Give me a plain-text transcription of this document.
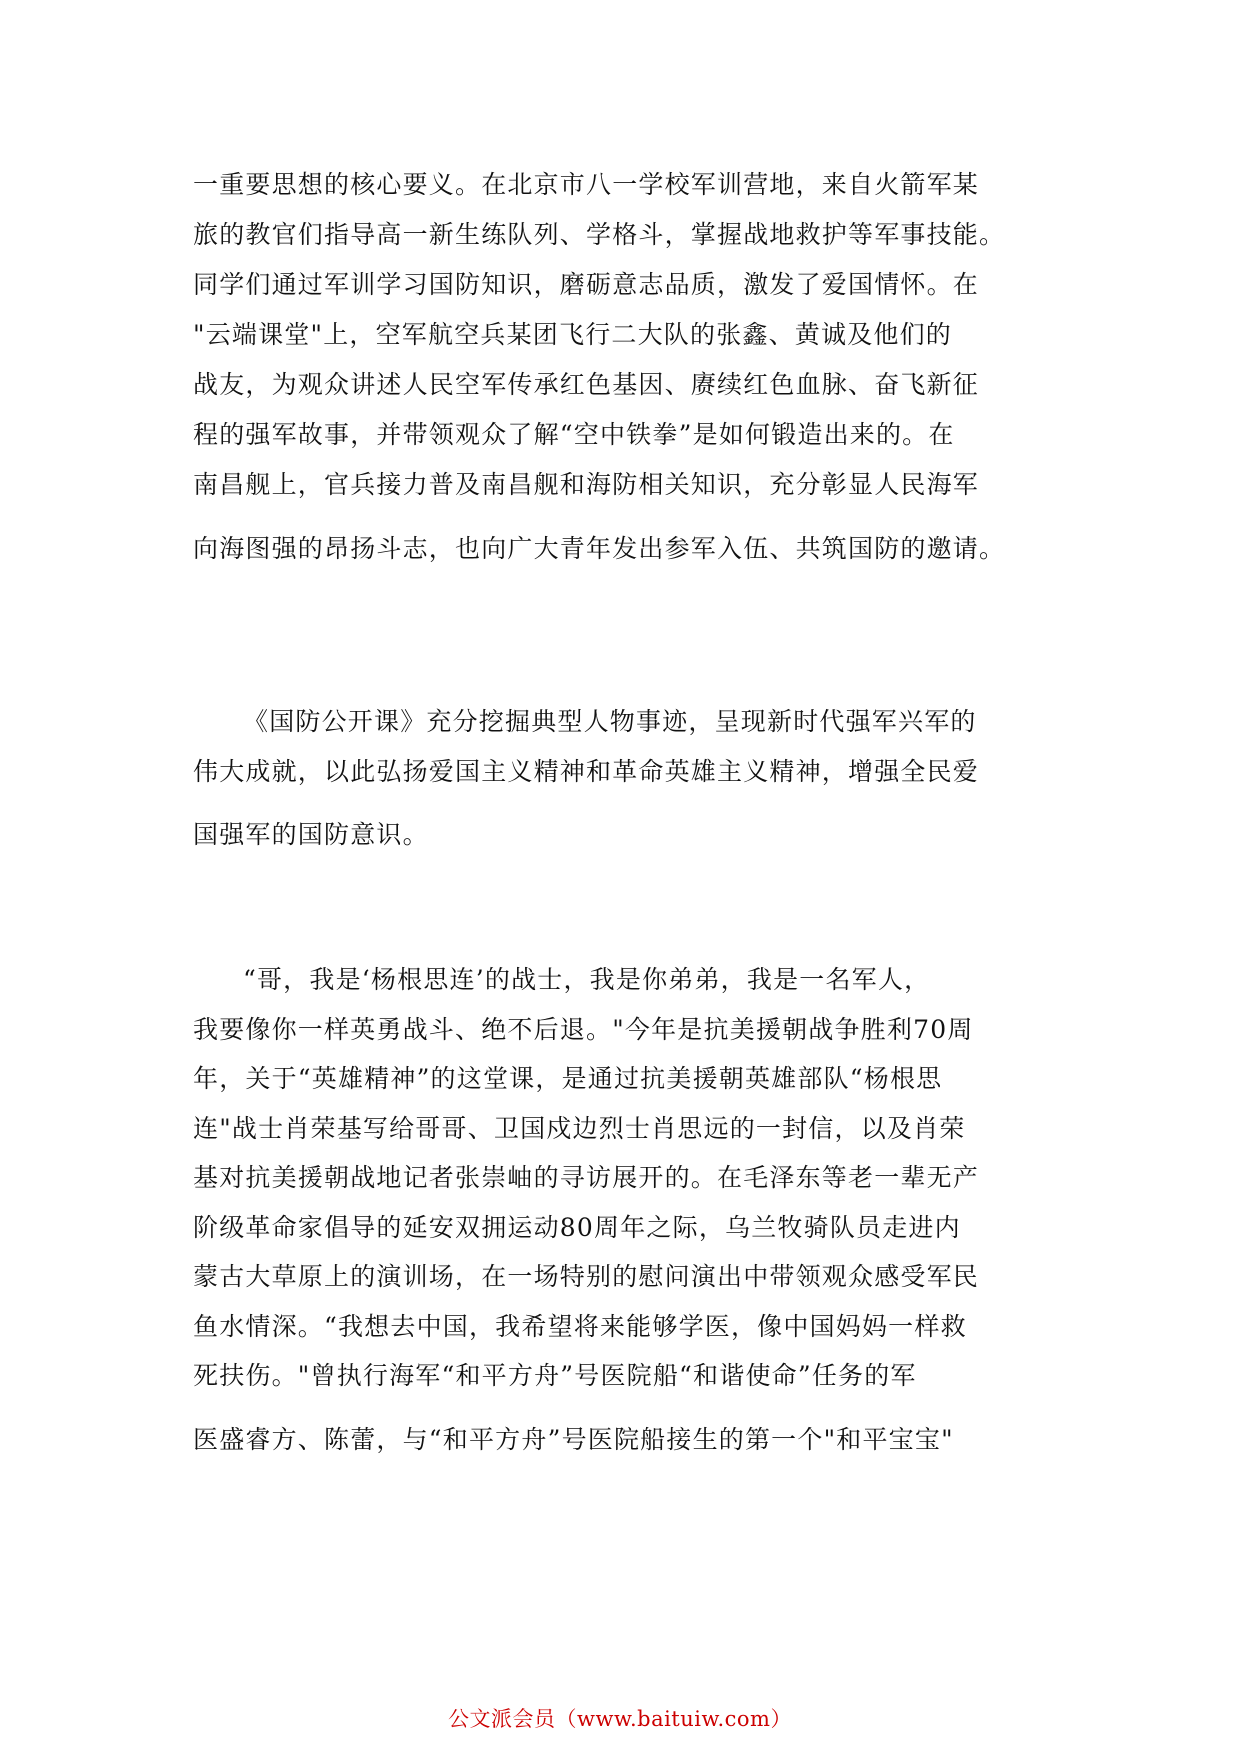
一重要思想的核心要义。在北京市八一学校军训营地，来自火箭军某
旅的教官们指导高一新生练队列、学格斗，掌握战地救护等军事技能。
同学们通过军训学习国防知识，磨砺意志品质，激发了爱国情怀。在
"云端课堂"上，空军航空兵某团飞行二大队的张鑫、黄诚及他们的
战友，为观众讲述人民空军传承红色基因、赓续红色血脉、奋飞新征
程的强军故事，并带领观众了解“空中铁拳”是如何锻造出来的。在
南昌舰上，官兵接力普及南昌舰和海防相关知识，充分彰显人民海军
向海图强的昂扬斗志，也向广大青年发出参军入伍、共筑国防的邀请。
《国防公开课》充分挖掘典型人物事迹，呈现新时代强军兴军的
伟大成就，以此弘扬爱国主义精神和革命英雄主义精神，增强全民爱
国强军的国防意识。
“哥，我是‘杨根思连’的战士，我是你弟弟，我是一名军人，
我要像你一样英勇战斗、绝不后退。"今年是抗美援朝战争胜利70周
年，关于“英雄精神”的这堂课，是通过抗美援朝英雄部队“杨根思
连"战士肖荣基写给哥哥、卫国戍边烈士肖思远的一封信，以及肖荣
基对抗美援朝战地记者张崇岫的寻访展开的。在毛泽东等老一辈无产
阶级革命家倡导的延安双拥运动80周年之际，乌兰牧骑队员走进内
蒙古大草原上的演训场，在一场特别的慰问演出中带领观众感受军民
鱼水情深。“我想去中国，我希望将来能够学医，像中国妈妈一样救
死扶伤。"曾执行海军“和平方舟”号医院船“和谐使命”任务的军
医盛睿方、陈蕾，与“和平方舟”号医院船接生的第一个"和平宝宝"
公文派会员（www.baituiw.com）
